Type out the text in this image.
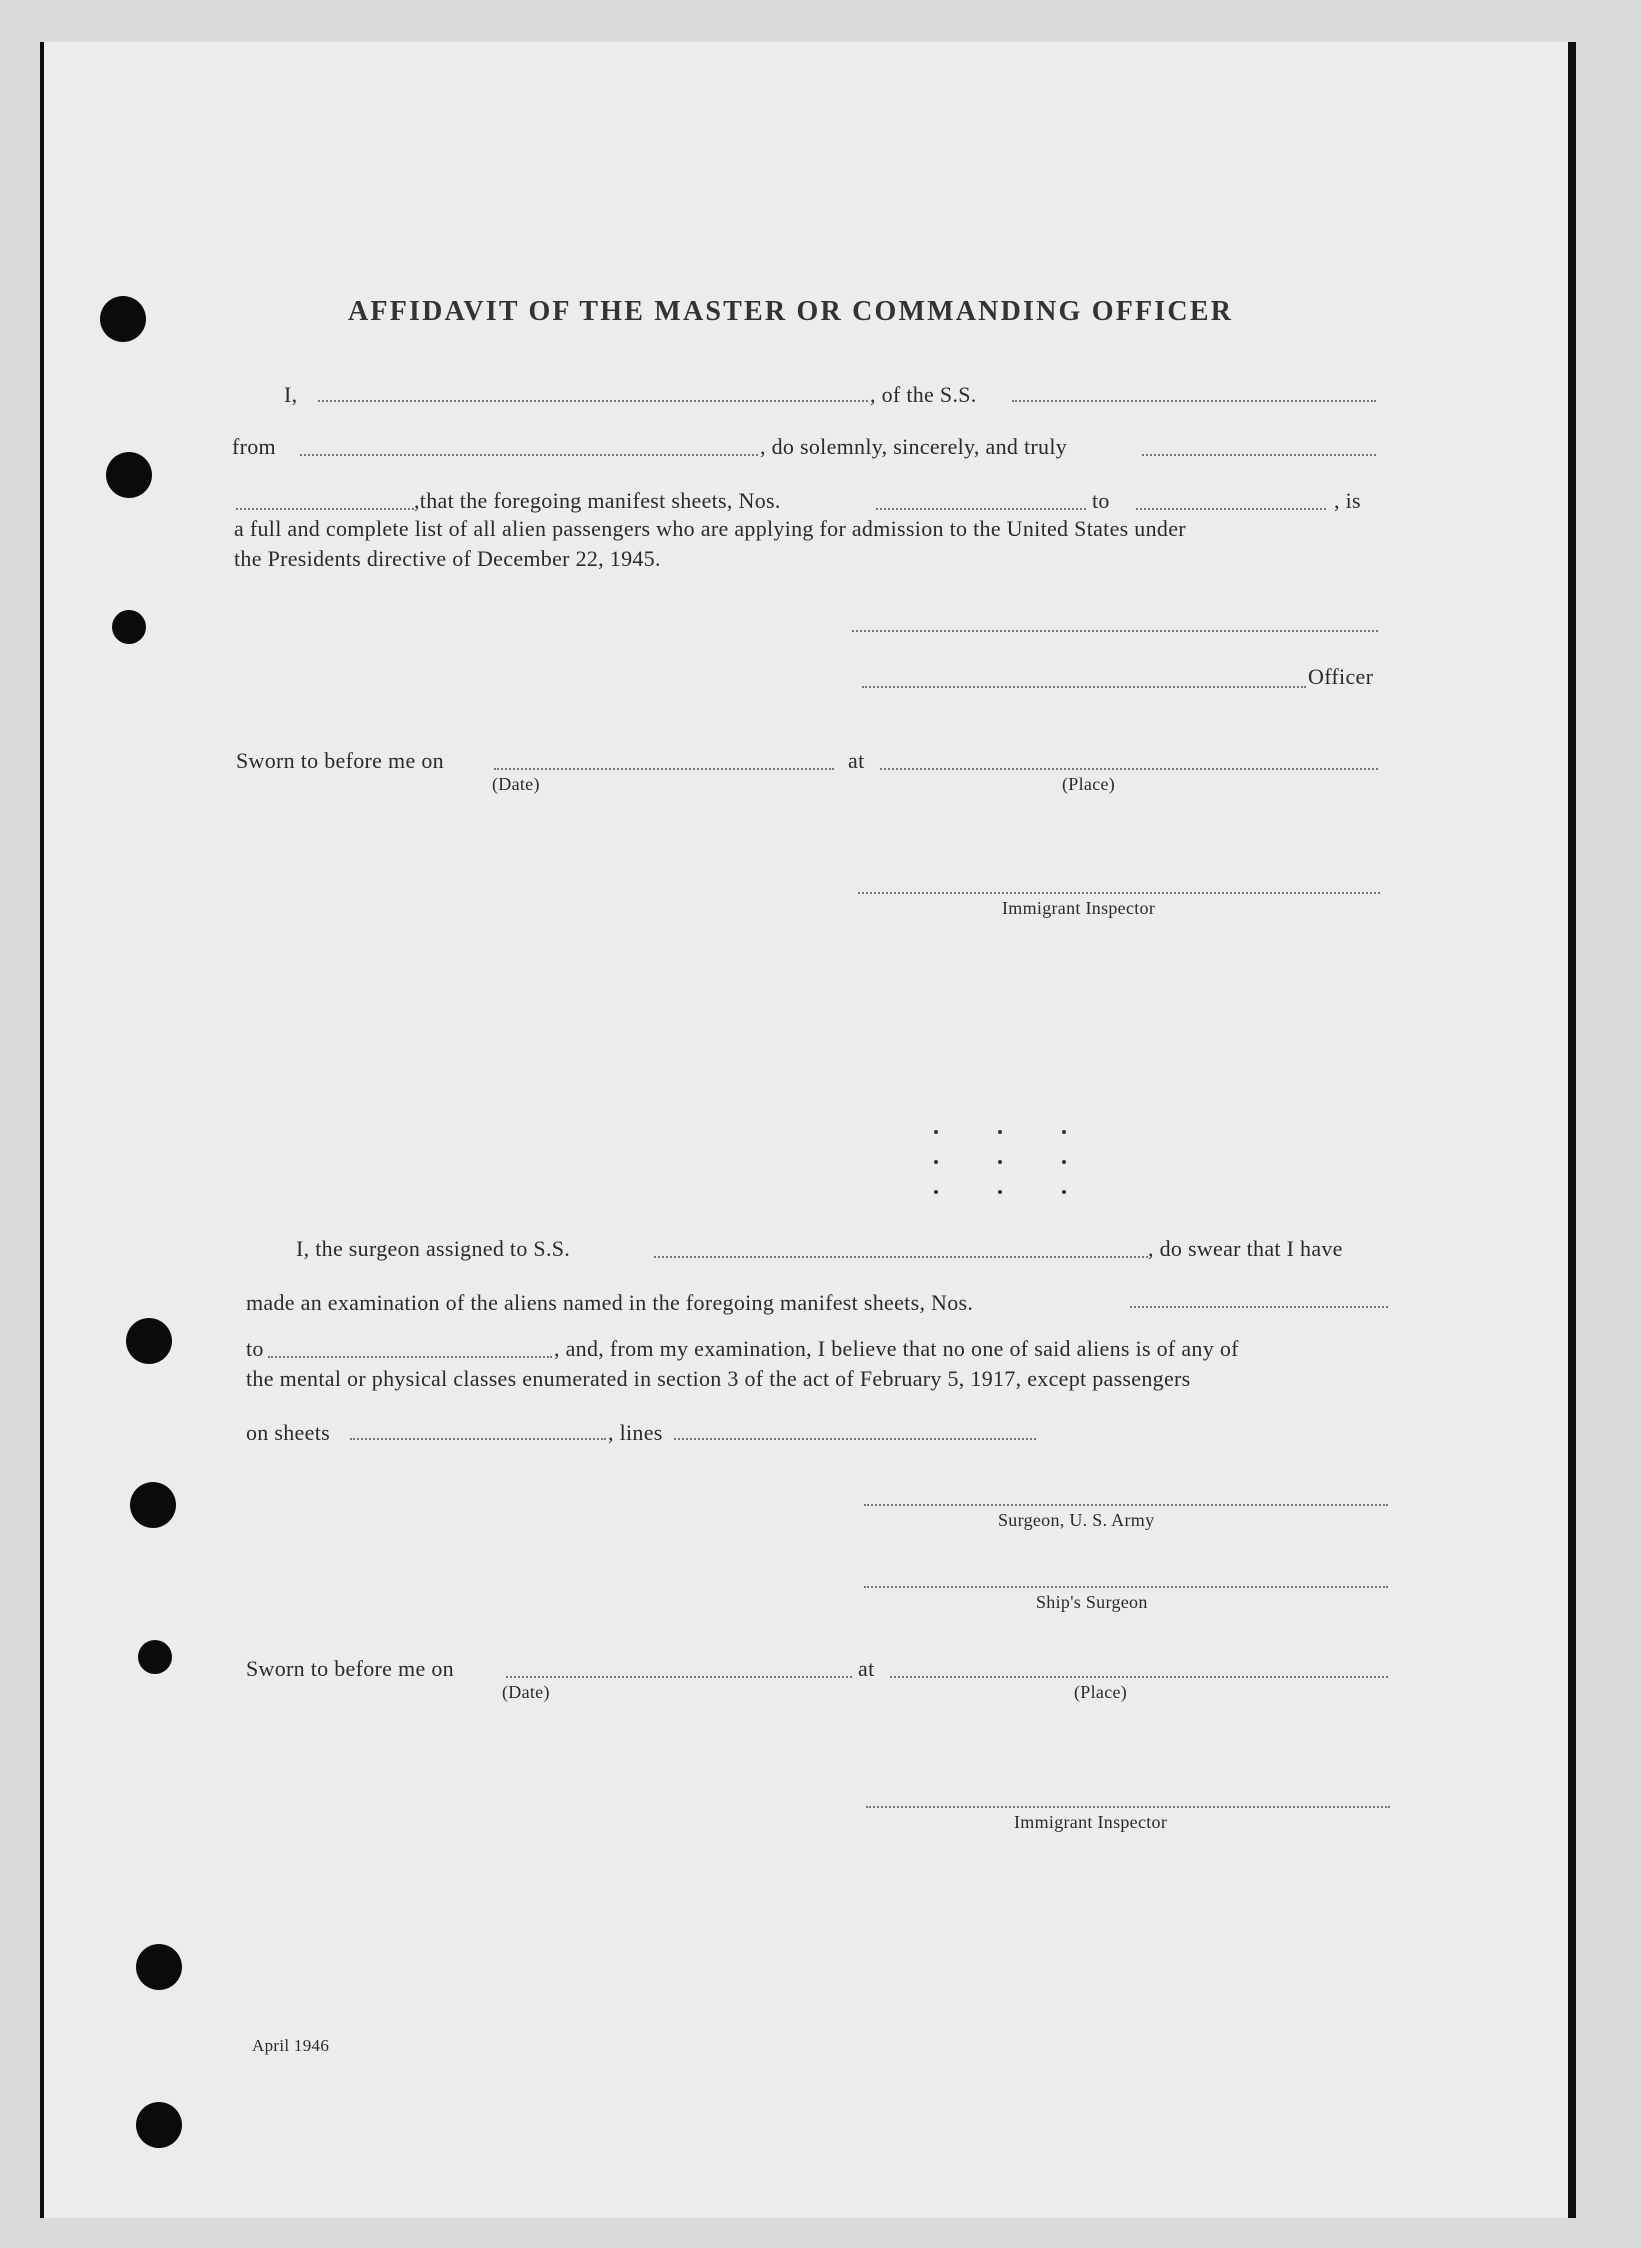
AFFIDAVIT OF THE MASTER OR COMMANDING OFFICER
I,	, of the S.S.
from	, do solemnly, sincerely, and truly
,that the foregoing manifest sheets, Nos.	to	, is
a full and complete list of all alien passengers who are applying for admission to the United States under
the Presidents directive of December 22, 1945.
Officer
Sworn to before me on	at
(Date)	(Place)
Immigrant Inspector
I, the surgeon assigned to S.S.	, do swear that I have
made an examination of the aliens named in the foregoing manifest sheets, Nos.
to	, and, from my examination, I believe that no one of said aliens is of any of
the mental or physical classes enumerated in section 3 of the act of February 5, 1917, except passengers
on sheets	, lines
Surgeon, U. S. Army
Ship's Surgeon
Sworn to before me on	at
(Date)	(Place)
Immigrant Inspector
April 1946
